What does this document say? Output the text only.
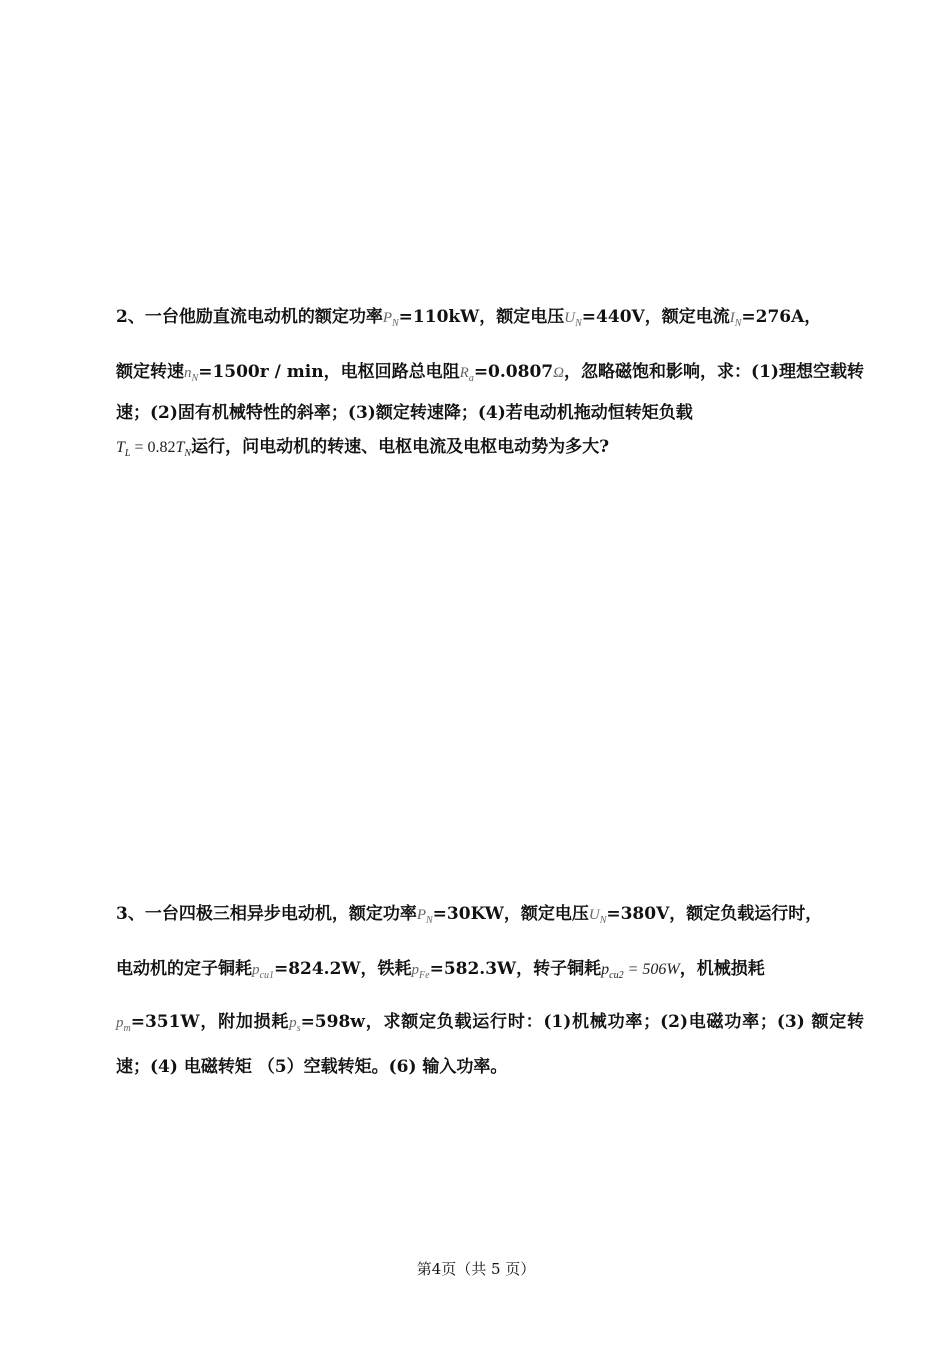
2、一台他励直流电动机的额定功率$P_N=110kW$，额定电压$U_N=440V$，额定电流$I_N=276A$，

额定转速$n_N=1500r / \min$，电枢回路总电阻$R_a=0.0807\Omega$，忽略磁饱和影响，求：(1)理想空载转速；(2)固有机械特性的斜率；(3)额定转速降；(4)若电动机拖动恒转矩负载
$T_L = 0.82T_N$运行，问电动机的转速、电枢电流及电枢电动势为多大?

3、一台四极三相异步电动机，额定功率$P_N=30KW$，额定电压$U_N=380V$，额定负载运行时，

电动机的定子铜耗$p_{cu1}=824.2W$，铁耗$p_{Fe}=582.3W$，转子铜耗$p_{cu2} = 506W$，机械损耗

$p_m=351W$，附加损耗$p_s=598w$，求额定负载运行时：(1)机械功率；(2)电磁功率；(3) 额定转速；(4) 电磁转矩 （5）空载转矩。(6) 输入功率。

第4页（共 5 页）
